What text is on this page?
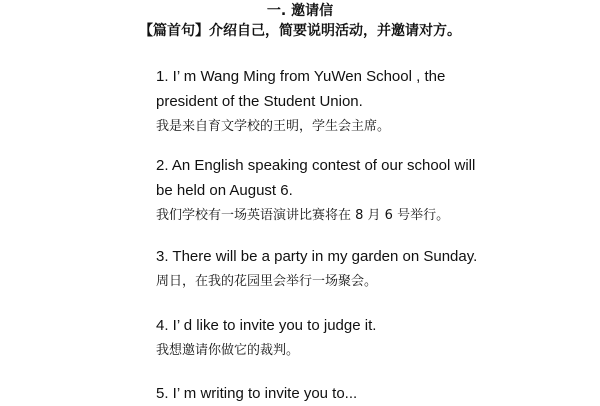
一. 邀请信
【篇首句】介绍自己，简要说明活动，并邀请对方。

1. I’ m Wang Ming from YuWen School , the

president of the Student Union.

我是来自育文学校的王明，学生会主席。

2. An English speaking contest of our school will

be held on August 6.

我们学校有一场英语演讲比赛将在 8 月 6 号举行。

3. There will be a party in my garden on Sunday.

周日，在我的花园里会举行一场聚会。

4. I’ d like to invite you to judge it.

我想邀请你做它的裁判。

5. I’ m writing to invite you to...
